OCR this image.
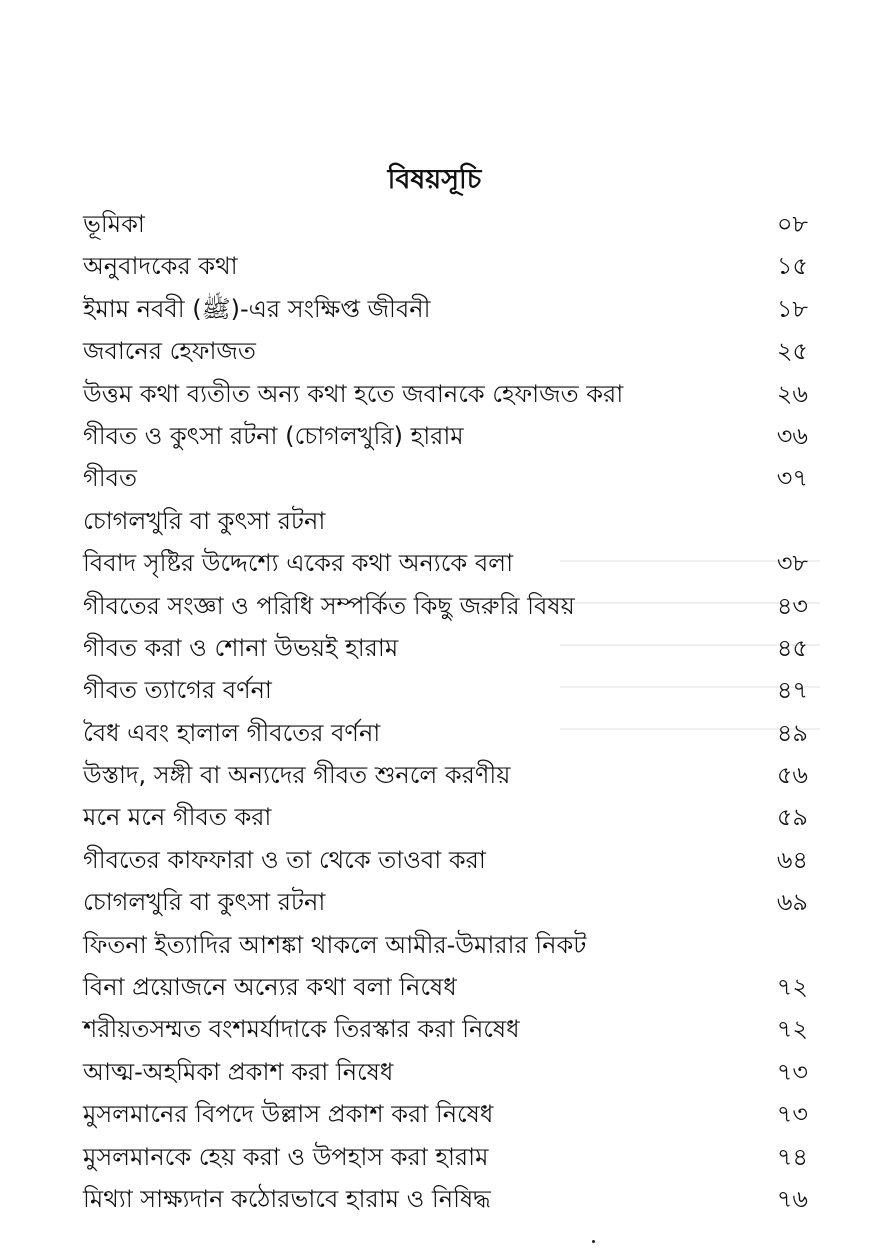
বিষয়সূচি
ভূমিকা	০৮
অনুবাদকের কথা	১৫
ইমাম নববী (ﷺ)-এর সংক্ষিপ্ত জীবনী	১৮
জবানের হেফাজত	২৫
উত্তম কথা ব্যতীত অন্য কথা হতে জবানকে হেফাজত করা	২৬
গীবত ও কুৎসা রটনা (চোগলখুরি) হারাম	৩৬
গীবত	৩৭
চোগলখুরি বা কুৎসা রটনা
বিবাদ সৃষ্টির উদ্দেশ্যে একের কথা অন্যকে বলা	৩৮
গীবতের সংজ্ঞা ও পরিধি সম্পর্কিত কিছু জরুরি বিষয়	৪৩
গীবত করা ও শোনা উভয়ই হারাম	৪৫
গীবত ত্যাগের বর্ণনা	৪৭
বৈধ এবং হালাল গীবতের বর্ণনা	৪৯
উস্তাদ, সঙ্গী বা অন্যদের গীবত শুনলে করণীয়	৫৬
মনে মনে গীবত করা	৫৯
গীবতের কাফফারা ও তা থেকে তাওবা করা	৬৪
চোগলখুরি বা কুৎসা রটনা	৬৯
ফিতনা ইত্যাদির আশঙ্কা থাকলে আমীর-উমারার নিকট
বিনা প্রয়োজনে অন্যের কথা বলা নিষেধ	৭২
শরীয়তসম্মত বংশমর্যাদাকে তিরস্কার করা নিষেধ	৭২
আত্ম-অহমিকা প্রকাশ করা নিষেধ	৭৩
মুসলমানের বিপদে উল্লাস প্রকাশ করা নিষেধ	৭৩
মুসলমানকে হেয় করা ও উপহাস করা হারাম	৭৪
মিথ্যা সাক্ষ্যদান কঠোরভাবে হারাম ও নিষিদ্ধ	৭৬
